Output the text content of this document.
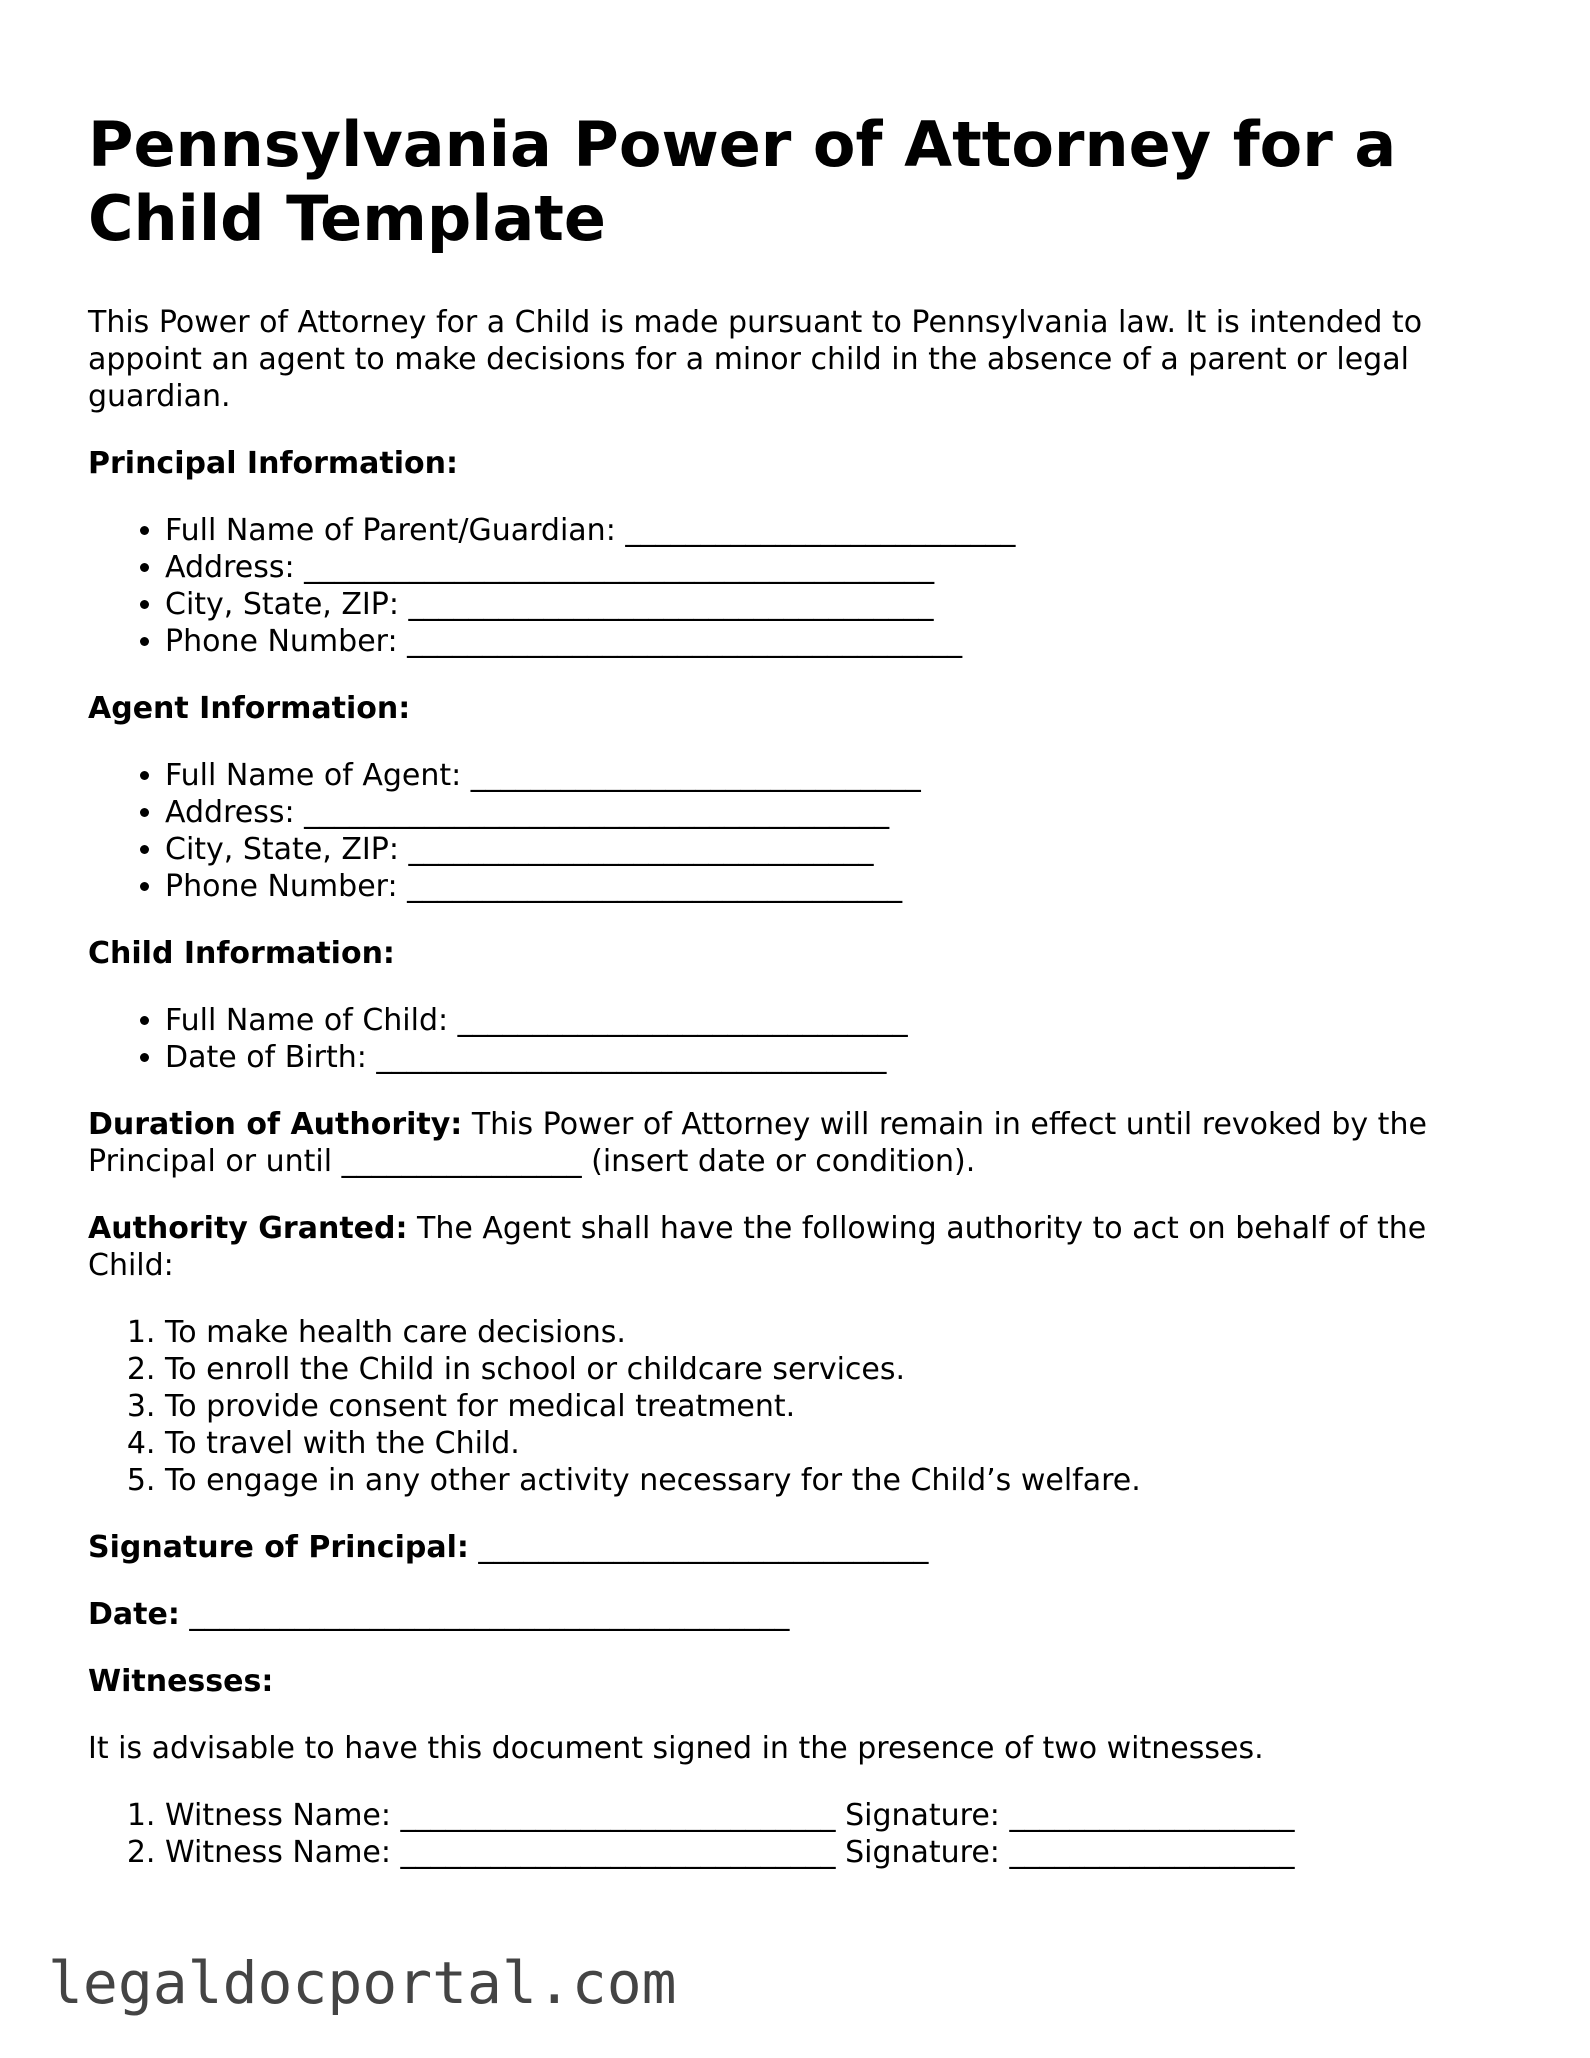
Pennsylvania Power of Attorney for a Child Template

This Power of Attorney for a Child is made pursuant to Pennsylvania law. It is intended to appoint an agent to make decisions for a minor child in the absence of a parent or legal guardian.

Principal Information:

• Full Name of Parent/Guardian: __________________________
• Address: __________________________________________
• City, State, ZIP: ___________________________________
• Phone Number: _____________________________________

Agent Information:

• Full Name of Agent: ______________________________
• Address: _______________________________________
• City, State, ZIP: _______________________________
• Phone Number: _________________________________

Child Information:

• Full Name of Child: ______________________________
• Date of Birth: __________________________________

Duration of Authority: This Power of Attorney will remain in effect until revoked by the Principal or until ________________ (insert date or condition).

Authority Granted: The Agent shall have the following authority to act on behalf of the Child:

1. To make health care decisions.
2. To enroll the Child in school or childcare services.
3. To provide consent for medical treatment.
4. To travel with the Child.
5. To engage in any other activity necessary for the Child’s welfare.

Signature of Principal: ______________________________

Date: ________________________________________

Witnesses:

It is advisable to have this document signed in the presence of two witnesses.

1. Witness Name: _____________________________ Signature: ___________________
2. Witness Name: _____________________________ Signature: ___________________
legaldocportal.com
